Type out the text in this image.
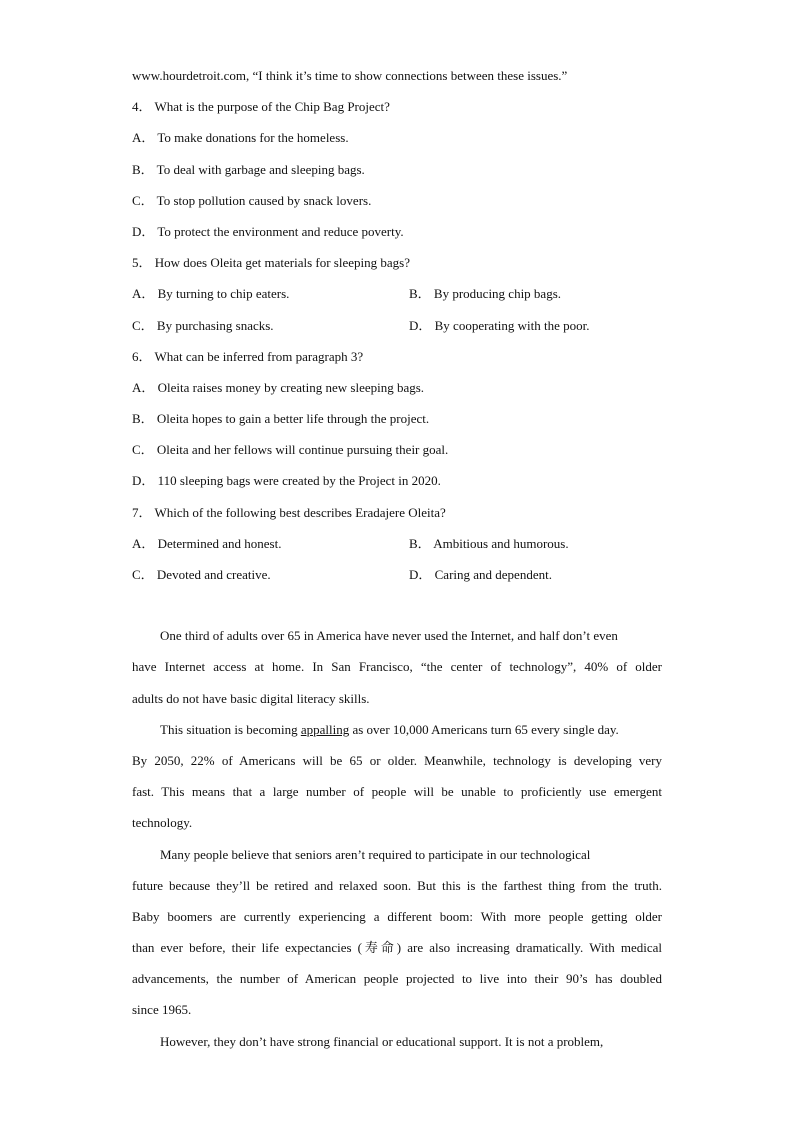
www.hourdetroit.com, “I think it’s time to show connections between these issues.”
4． What is the purpose of the Chip Bag Project?
A． To make donations for the homeless.
B． To deal with garbage and sleeping bags.
C． To stop pollution caused by snack lovers.
D． To protect the environment and reduce poverty.
5． How does Oleita get materials for sleeping bags?
A． By turning to chip eaters.	B． By producing chip bags.
C． By purchasing snacks.	D． By cooperating with the poor.
6． What can be inferred from paragraph 3?
A． Oleita raises money by creating new sleeping bags.
B． Oleita hopes to gain a better life through the project.
C． Oleita and her fellows will continue pursuing their goal.
D． 110 sleeping bags were created by the Project in 2020.
7． Which of the following best describes Eradajere Oleita?
A． Determined and honest.	B． Ambitious and humorous.
C． Devoted and creative.	D． Caring and dependent.
One third of adults over 65 in America have never used the Internet, and half don’t even
have Internet access at home. In San Francisco, “the center of technology”, 40% of older
adults do not have basic digital literacy skills.
This situation is becoming appalling as over 10,000 Americans turn 65 every single day.
By 2050, 22% of Americans will be 65 or older. Meanwhile, technology is developing very
fast. This means that a large number of people will be unable to proficiently use emergent
technology.
Many people believe that seniors aren’t required to participate in our technological
future because they’ll be retired and relaxed soon. But this is the farthest thing from the truth.
Baby boomers are currently experiencing a different boom: With more people getting older
than ever before, their life expectancies (寿命) are also increasing dramatically. With medical
advancements, the number of American people projected to live into their 90’s has doubled
since 1965.
However, they don’t have strong financial or educational support. It is not a problem,
